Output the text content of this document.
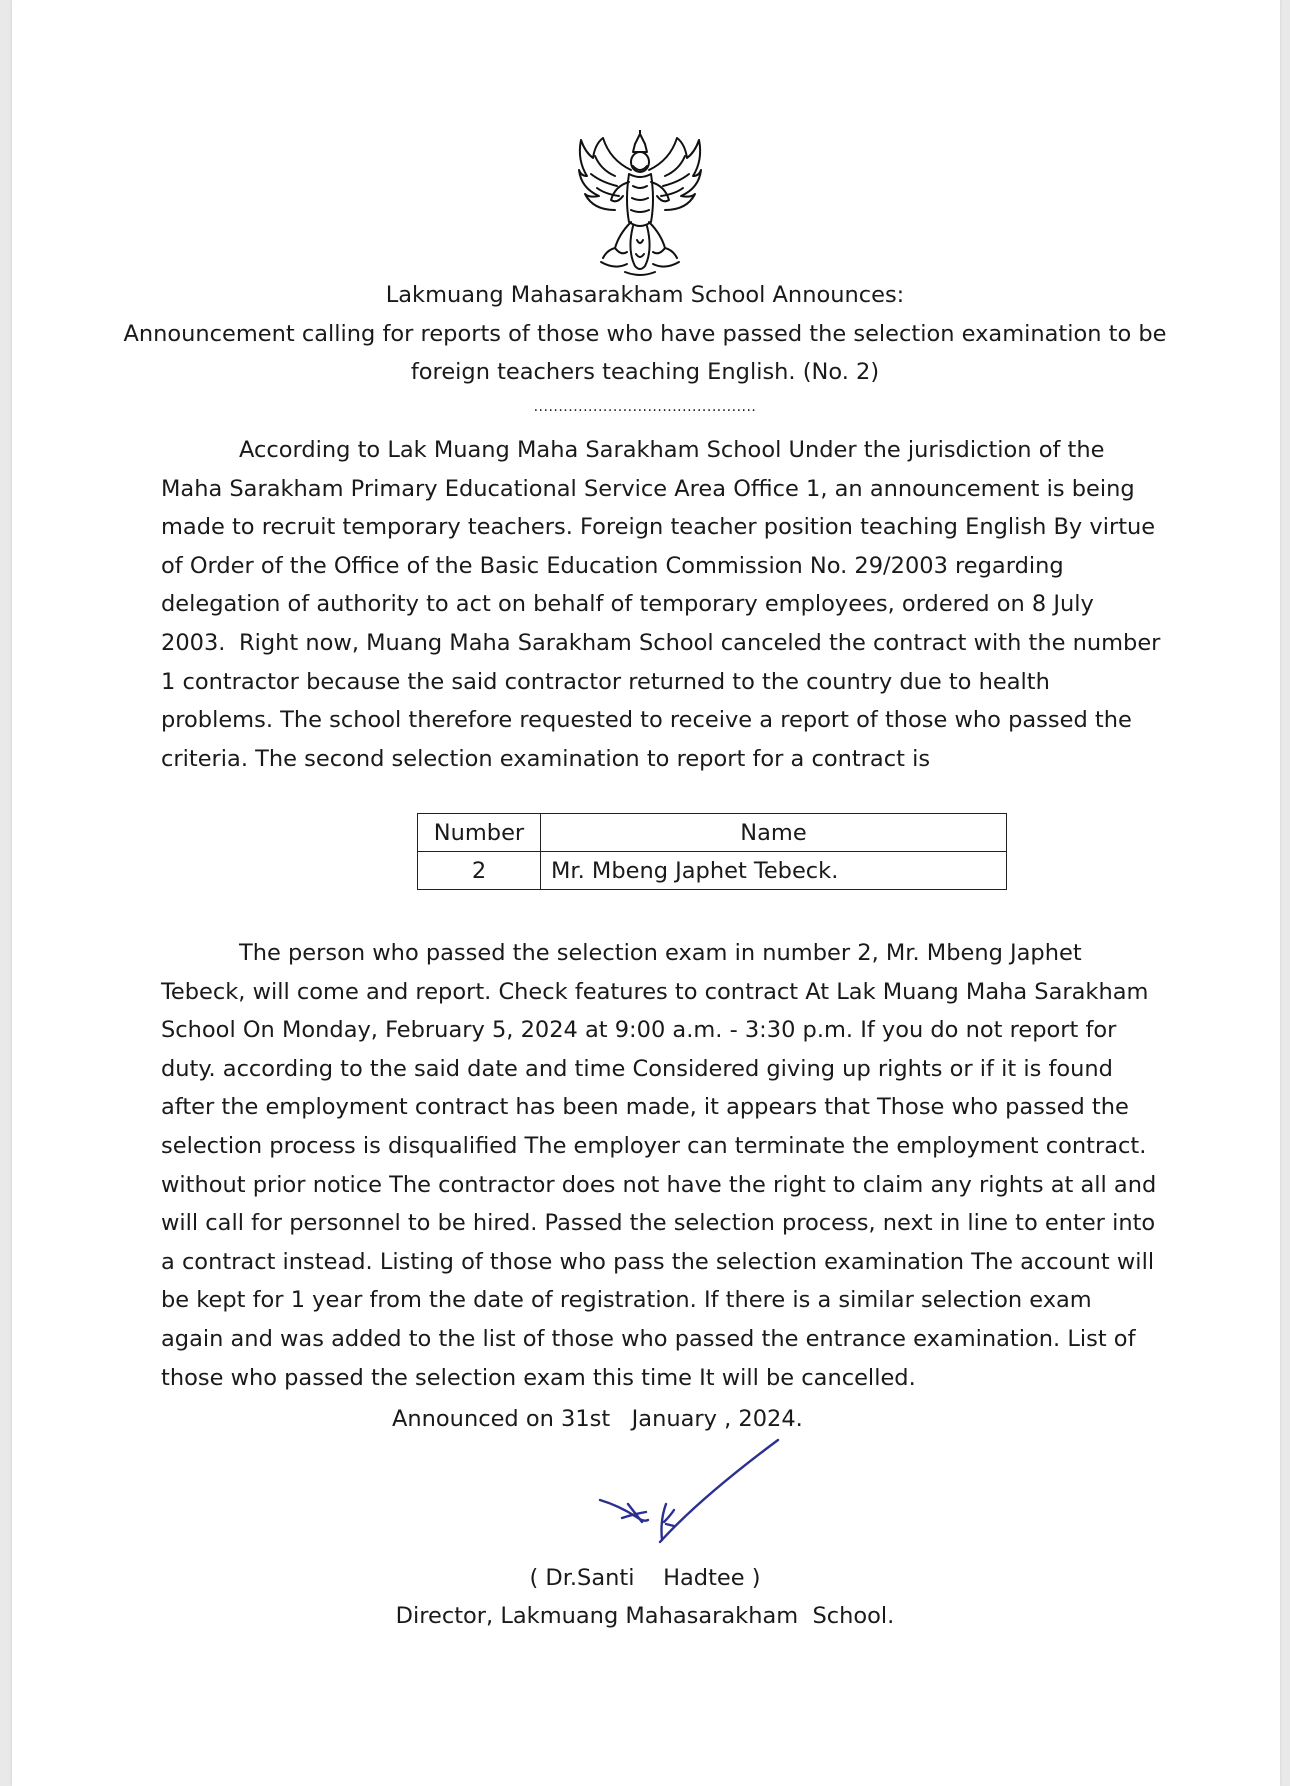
Lakmuang Mahasarakham School Announces:
Announcement calling for reports of those who have passed the selection examination to be
foreign teachers teaching English. (No. 2)
.............................................

According to Lak Muang Maha Sarakham School Under the jurisdiction of the Maha Sarakham Primary Educational Service Area Office 1, an announcement is being made to recruit temporary teachers. Foreign teacher position teaching English By virtue of Order of the Office of the Basic Education Commission No. 29/2003 regarding delegation of authority to act on behalf of temporary employees, ordered on 8 July 2003. Right now, Muang Maha Sarakham School canceled the contract with the number 1 contractor because the said contractor returned to the country due to health problems. The school therefore requested to receive a report of those who passed the criteria. The second selection examination to report for a contract is

Number	Name
2	Mr. Mbeng Japhet Tebeck.

The person who passed the selection exam in number 2, Mr. Mbeng Japhet Tebeck, will come and report. Check features to contract At Lak Muang Maha Sarakham School On Monday, February 5, 2024 at 9:00 a.m. - 3:30 p.m. If you do not report for duty. according to the said date and time Considered giving up rights or if it is found after the employment contract has been made, it appears that Those who passed the selection process is disqualified The employer can terminate the employment contract. without prior notice The contractor does not have the right to claim any rights at all and will call for personnel to be hired. Passed the selection process, next in line to enter into a contract instead. Listing of those who pass the selection examination The account will be kept for 1 year from the date of registration. If there is a similar selection exam again and was added to the list of those who passed the entrance examination. List of those who passed the selection exam this time It will be cancelled.

Announced on 31st   January , 2024.
( Dr.Santi    Hadtee )
Director, Lakmuang Mahasarakham  School.
